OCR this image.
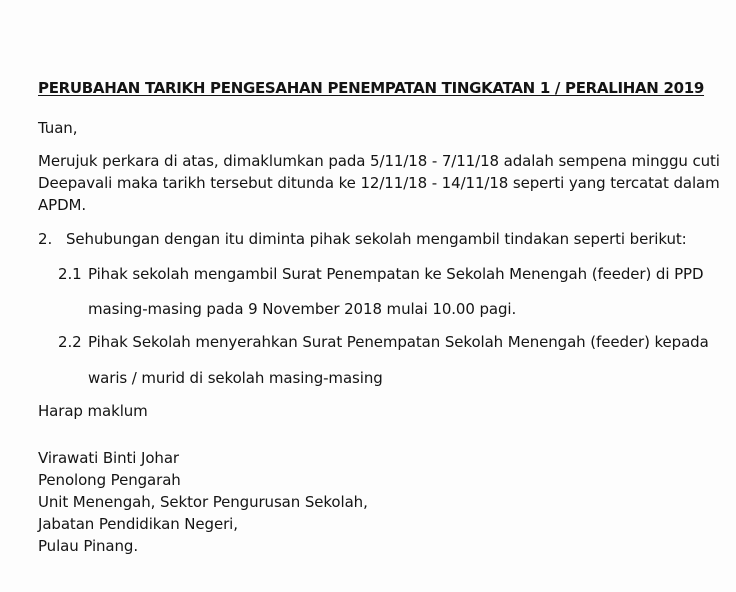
PERUBAHAN TARIKH PENGESAHAN PENEMPATAN TINGKATAN 1 / PERALIHAN 2019
Tuan,
Merujuk perkara di atas, dimaklumkan pada 5/11/18 - 7/11/18 adalah sempena minggu cuti
Deepavali maka tarikh tersebut ditunda ke 12/11/18 - 14/11/18 seperti yang tercatat dalam
APDM.
2. Sehubungan dengan itu diminta pihak sekolah mengambil tindakan seperti berikut:
2.1 Pihak sekolah mengambil Surat Penempatan ke Sekolah Menengah (feeder) di PPD
masing-masing pada 9 November 2018 mulai 10.00 pagi.
2.2 Pihak Sekolah menyerahkan Surat Penempatan Sekolah Menengah (feeder) kepada
waris / murid di sekolah masing-masing
Harap maklum
Virawati Binti Johar
Penolong Pengarah
Unit Menengah, Sektor Pengurusan Sekolah,
Jabatan Pendidikan Negeri,
Pulau Pinang.
